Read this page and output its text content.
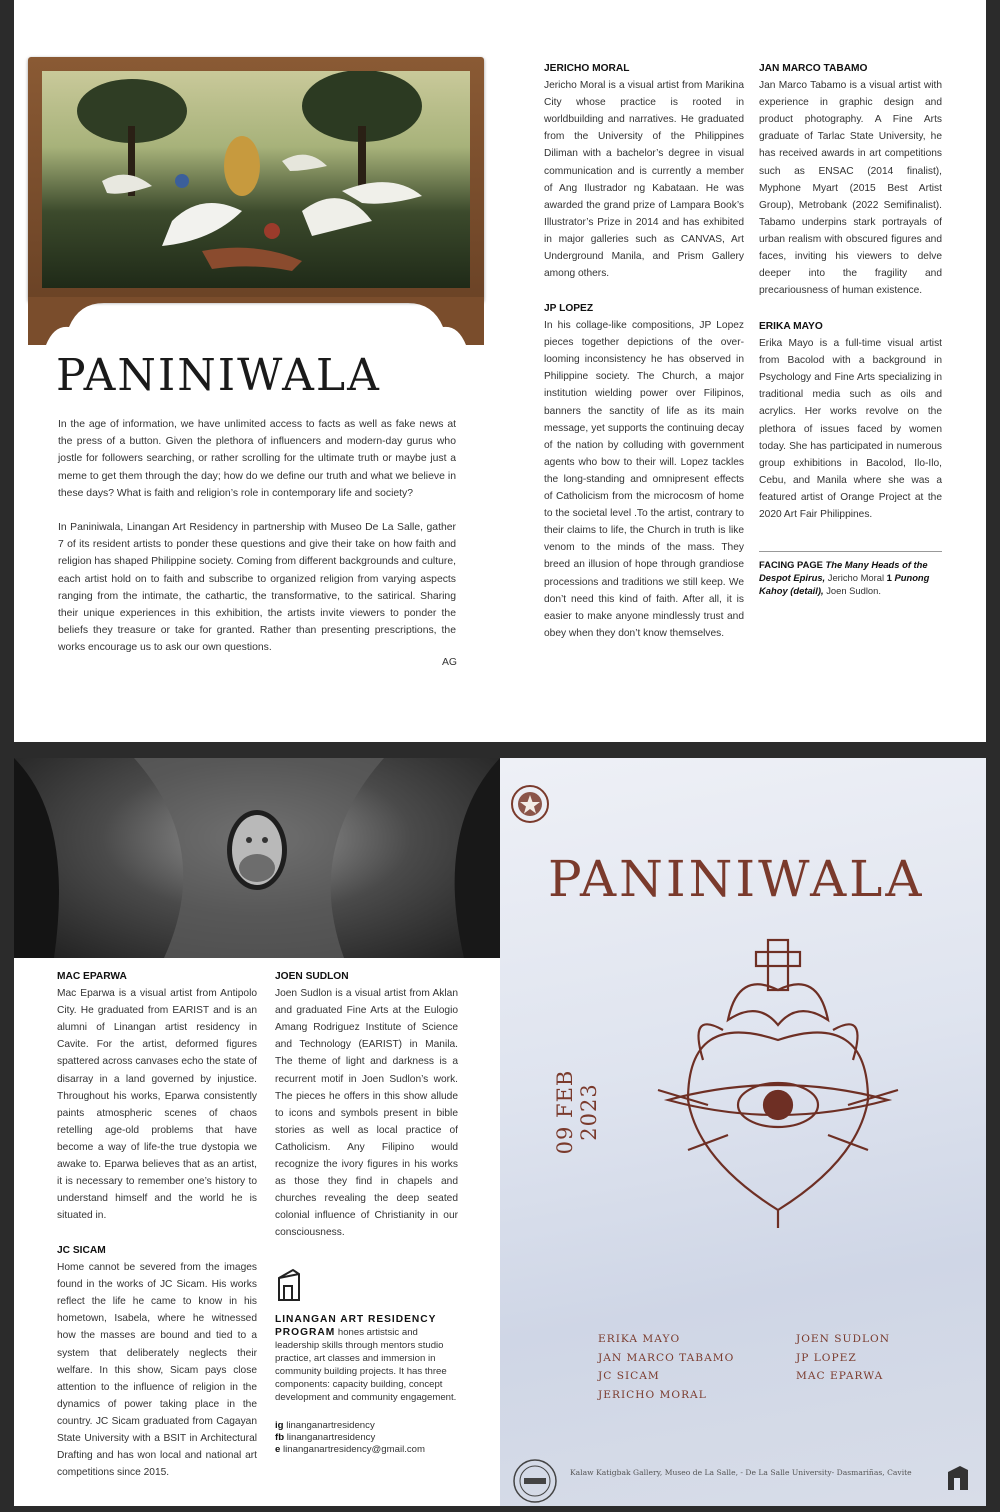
PANINIWALA
In the age of information, we have unlimited access to facts as well as fake news at the press of a button. Given the plethora of influencers and modern-day gurus who jostle for followers searching, or rather scrolling for the ultimate truth or maybe just a meme to get them through the day; how do we define our truth and what we believe in these days? What is faith and religion’s role in contemporary life and society?
In Paniniwala, Linangan Art Residency in partnership with Museo De La Salle, gather 7 of its resident artists to ponder these questions and give their take on how faith and religion has shaped Philippine society. Coming from different backgrounds and culture, each artist hold on to faith and subscribe to organized religion from varying aspects ranging from the intimate, the cathartic, the transformative, to the satirical. Sharing their unique experiences in this exhibition, the artists invite viewers to ponder the beliefs they treasure or take for granted. Rather than presenting prescriptions, the works encourage us to ask our own questions.
AG
JERICHO MORAL
Jericho Moral is a visual artist from Marikina City whose practice is rooted in worldbuilding and narratives. He graduated from the University of the Philippines Diliman with a bachelor’s degree in visual communication and is currently a member of Ang Ilustrador ng Kabataan. He was awarded the grand prize of Lampara Book’s Illustrator’s Prize in 2014 and has exhibited in major galleries such as CANVAS, Art Underground Manila, and Prism Gallery among others.
JP LOPEZ
In his collage-like compositions, JP Lopez pieces together depictions of the over-looming inconsistency he has observed in Philippine society. The Church, a major institution wielding power over Filipinos, banners the sanctity of life as its main message, yet supports the continuing decay of the nation by colluding with government agents who bow to their will. Lopez tackles the long-standing and omnipresent effects of Catholicism from the microcosm of home to the societal level .To the artist, contrary to their claims to life, the Church in truth is like venom to the minds of the mass. They breed an illusion of hope through grandiose processions and traditions we still keep. We don’t need this kind of faith. After all, it is easier to make anyone mindlessly trust and obey when they don’t know themselves.
JAN MARCO TABAMO
Jan Marco Tabamo is a visual artist with experience in graphic design and product photography. A Fine Arts graduate of Tarlac State University, he has received awards in art competitions such as ENSAC (2014 finalist), Myphone Myart (2015 Best Artist Group), Metrobank (2022 Semifinalist). Tabamo underpins stark portrayals of urban realism with obscured figures and faces, inviting his viewers to delve deeper into the fragility and precariousness of human existence.
ERIKA MAYO
Erika Mayo is a full-time visual artist from Bacolod with a background in Psychology and Fine Arts specializing in traditional media such as oils and acrylics. Her works revolve on the plethora of issues faced by women today. She has participated in numerous group exhibitions in Bacolod, Ilo-Ilo, Cebu, and Manila where she was a featured artist of Orange Project at the 2020 Art Fair Philippines.
FACING PAGE The Many Heads of the Despot Epirus, Jericho Moral 1 Punong Kahoy (detail), Joen Sudlon.
MAC EPARWA
Mac Eparwa is a visual artist from Antipolo City. He graduated from EARIST and is an alumni of Linangan artist residency in Cavite. For the artist, deformed figures spattered across canvases echo the state of disarray in a land governed by injustice. Throughout his works, Eparwa consistently paints atmospheric scenes of chaos retelling age-old problems that have become a way of life-the true dystopia we awake to. Eparwa believes that as an artist, it is necessary to remember one’s history to understand himself and the world he is situated in.
JOEN SUDLON
Joen Sudlon is a visual artist from Aklan and graduated Fine Arts at the Eulogio Amang Rodriguez Institute of Science and Technology (EARIST) in Manila. The theme of light and darkness is a recurrent motif in Joen Sudlon’s work. The pieces he offers in this show allude to icons and symbols present in bible stories as well as local practice of Catholicism. Any Filipino would recognize the ivory figures in his works as those they find in chapels and churches revealing the deep seated colonial influence of Christianity in our consciousness.
JC SICAM
Home cannot be severed from the images found in the works of JC Sicam. His works reflect the life he came to know in his hometown, Isabela, where he witnessed how the masses are bound and tied to a system that deliberately neglects their welfare. In this show, Sicam pays close attention to the influence of religion in the dynamics of power taking place in the country. JC Sicam graduated from Cagayan State University with a BSIT in Architectural Drafting and has won local and national art competitions since 2015.
LINANGAN ART RESIDENCY PROGRAM hones artistsic and leadership skills through mentors studio practice, art classes and immersion in community building projects. It has three components: capacity building, concept development and community engagement.
ig linanganartresidency
fb linanganartresidency
e linanganartresidency@gmail.com
PANINIWALA
09 FEB 2023
ERIKA MAYO
JAN MARCO TABAMO
JC SICAM
JERICHO MORAL
JOEN SUDLON
JP LOPEZ
MAC EPARWA
Kalaw Katigbak Gallery, Museo de La Salle, - De La Salle University- Dasmariñas, Cavite
